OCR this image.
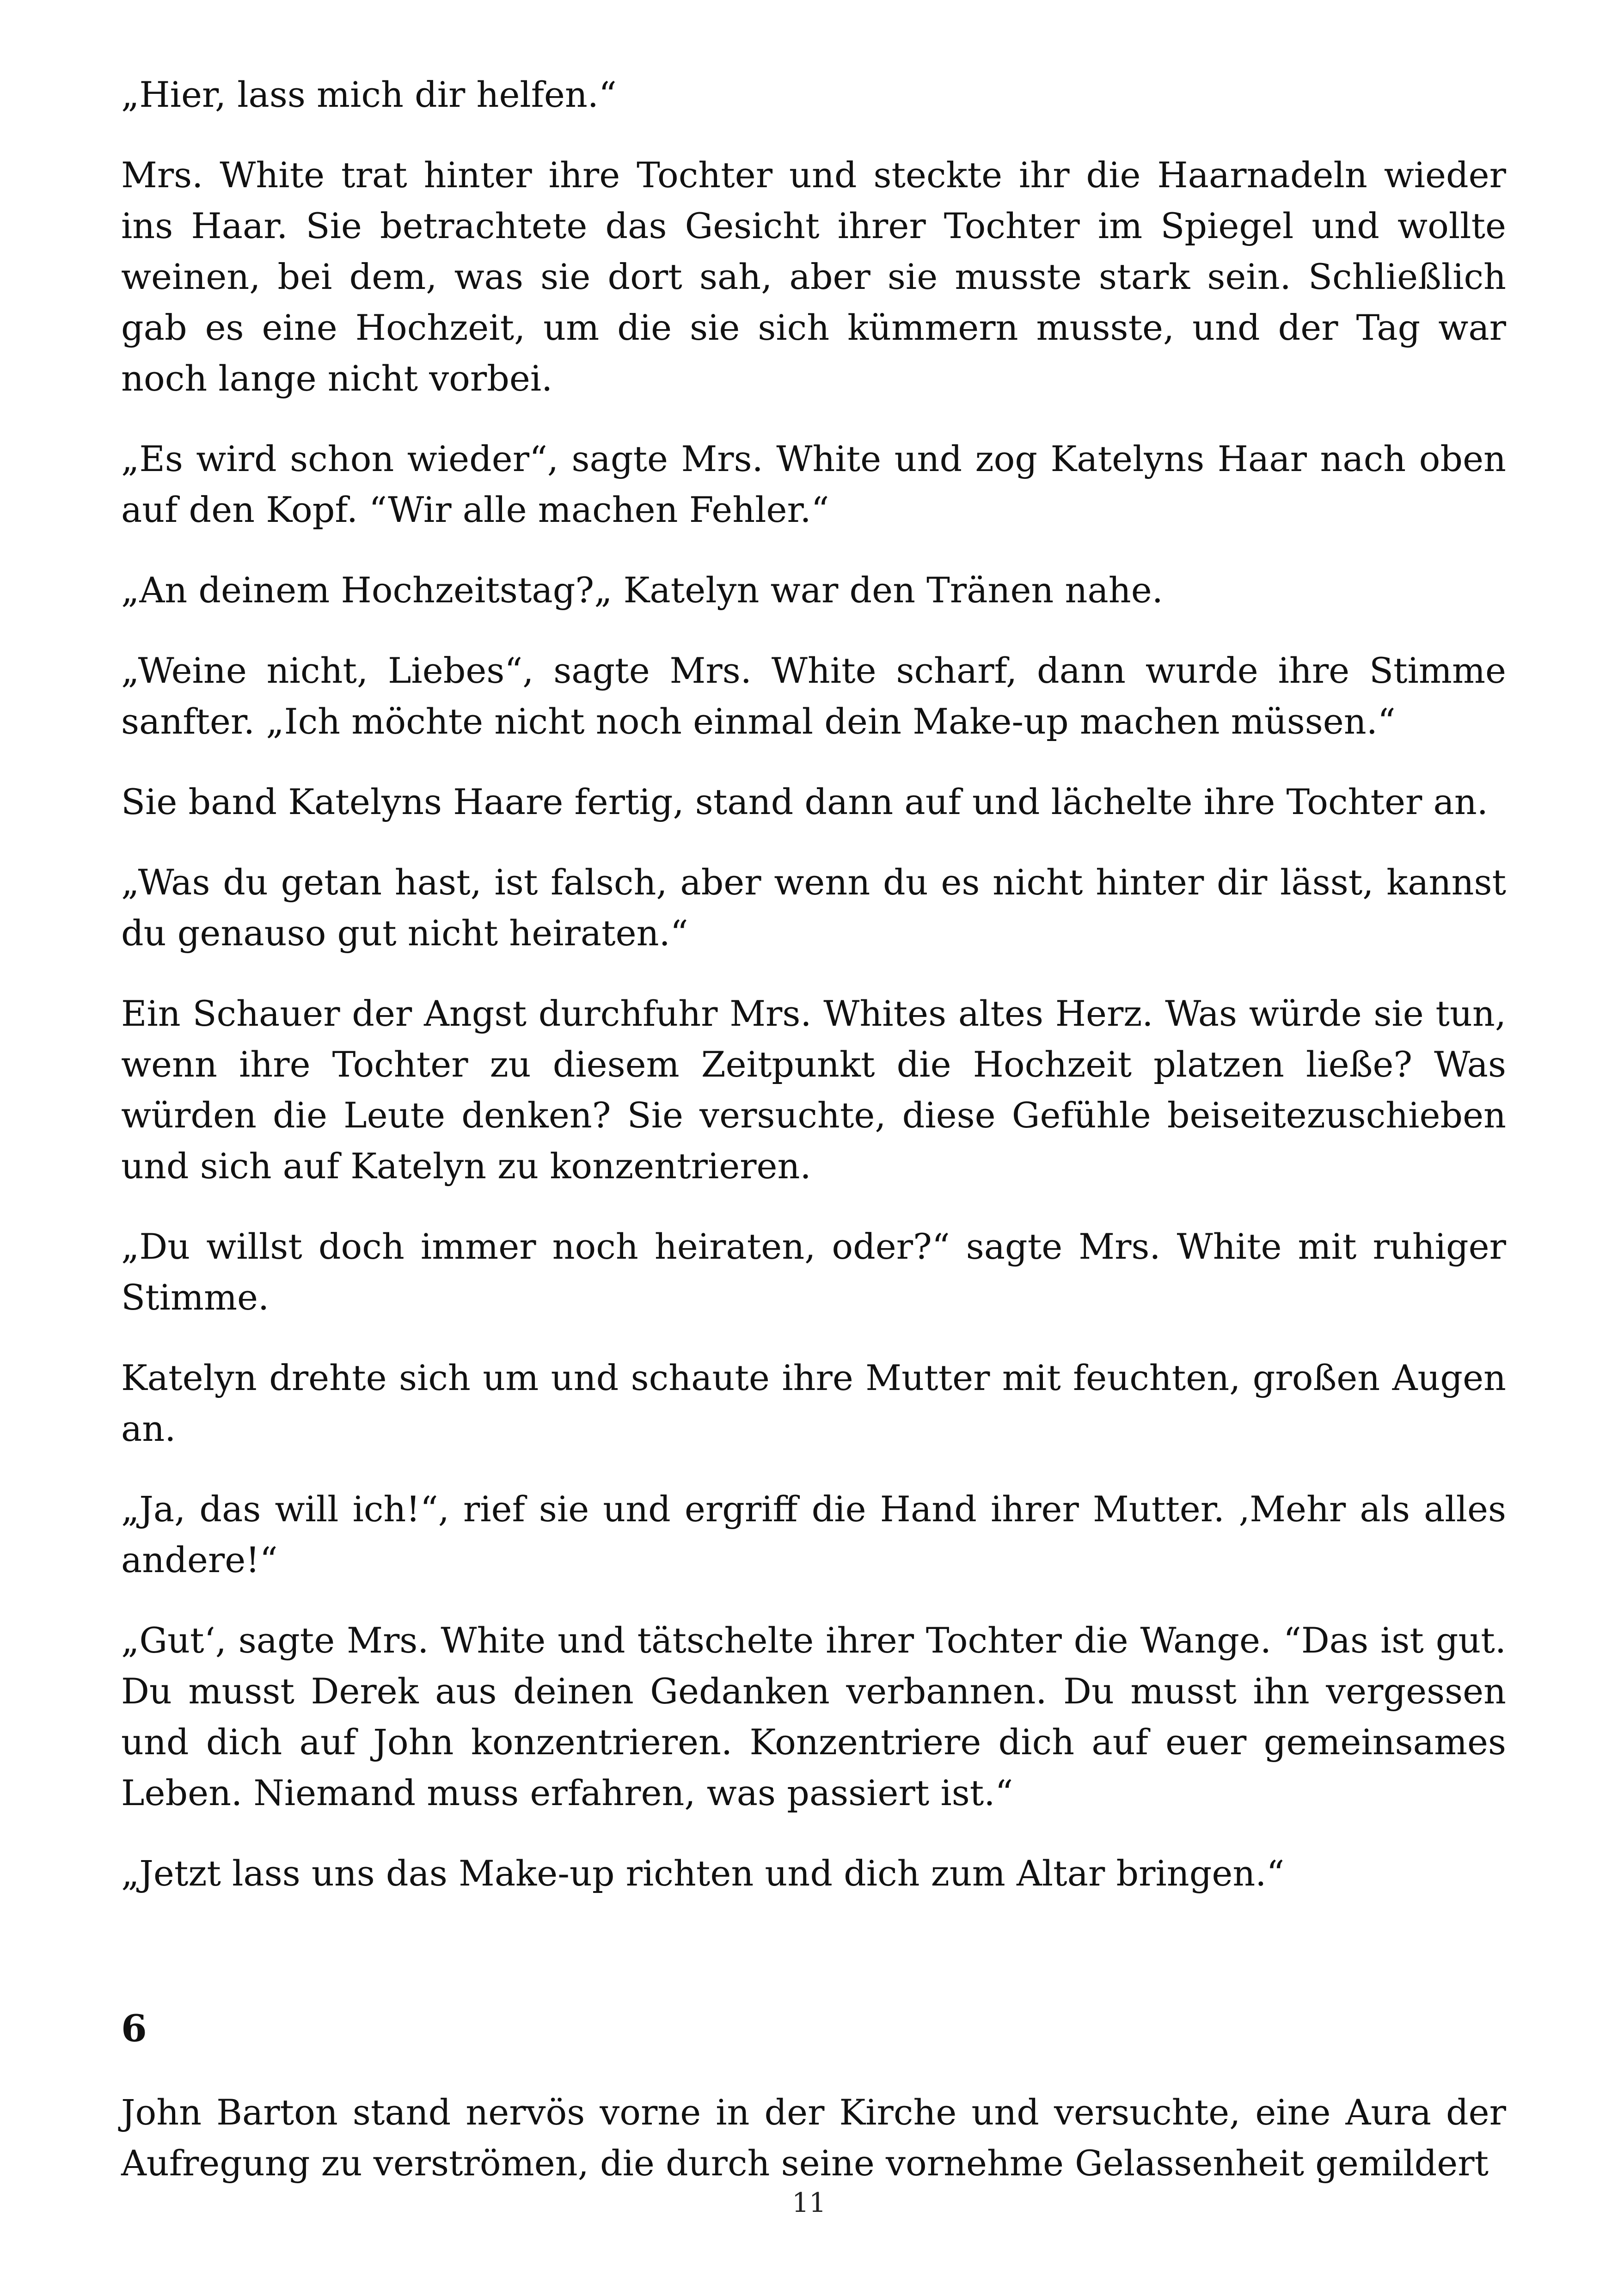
„Hier, lass mich dir helfen.“

Mrs. White trat hinter ihre Tochter und steckte ihr die Haarnadeln wieder ins Haar. Sie betrachtete das Gesicht ihrer Tochter im Spiegel und wollte weinen, bei dem, was sie dort sah, aber sie musste stark sein. Schließlich gab es eine Hochzeit, um die sie sich kümmern musste, und der Tag war noch lange nicht vorbei.

„Es wird schon wieder“, sagte Mrs. White und zog Katelyns Haar nach oben auf den Kopf. “Wir alle machen Fehler.“

„An deinem Hochzeitstag?„ Katelyn war den Tränen nahe.

„Weine nicht, Liebes“, sagte Mrs. White scharf, dann wurde ihre Stimme sanfter. „Ich möchte nicht noch einmal dein Make-up machen müssen.“

Sie band Katelyns Haare fertig, stand dann auf und lächelte ihre Tochter an.

„Was du getan hast, ist falsch, aber wenn du es nicht hinter dir lässt, kannst du genauso gut nicht heiraten.“

Ein Schauer der Angst durchfuhr Mrs. Whites altes Herz. Was würde sie tun, wenn ihre Tochter zu diesem Zeitpunkt die Hochzeit platzen ließe? Was würden die Leute denken? Sie versuchte, diese Gefühle beiseitezuschieben und sich auf Katelyn zu konzentrieren.

„Du willst doch immer noch heiraten, oder?“ sagte Mrs. White mit ruhiger Stimme.

Katelyn drehte sich um und schaute ihre Mutter mit feuchten, großen Augen an.

„Ja, das will ich!“, rief sie und ergriff die Hand ihrer Mutter. ‚Mehr als alles andere!“

„Gut‘, sagte Mrs. White und tätschelte ihrer Tochter die Wange. “Das ist gut. Du musst Derek aus deinen Gedanken verbannen. Du musst ihn vergessen und dich auf John konzentrieren. Konzentriere dich auf euer gemeinsames Leben. Niemand muss erfahren, was passiert ist.“

„Jetzt lass uns das Make-up richten und dich zum Altar bringen.“

6

John Barton stand nervös vorne in der Kirche und versuchte, eine Aura der Aufregung zu verströmen, die durch seine vornehme Gelassenheit gemildert

11
